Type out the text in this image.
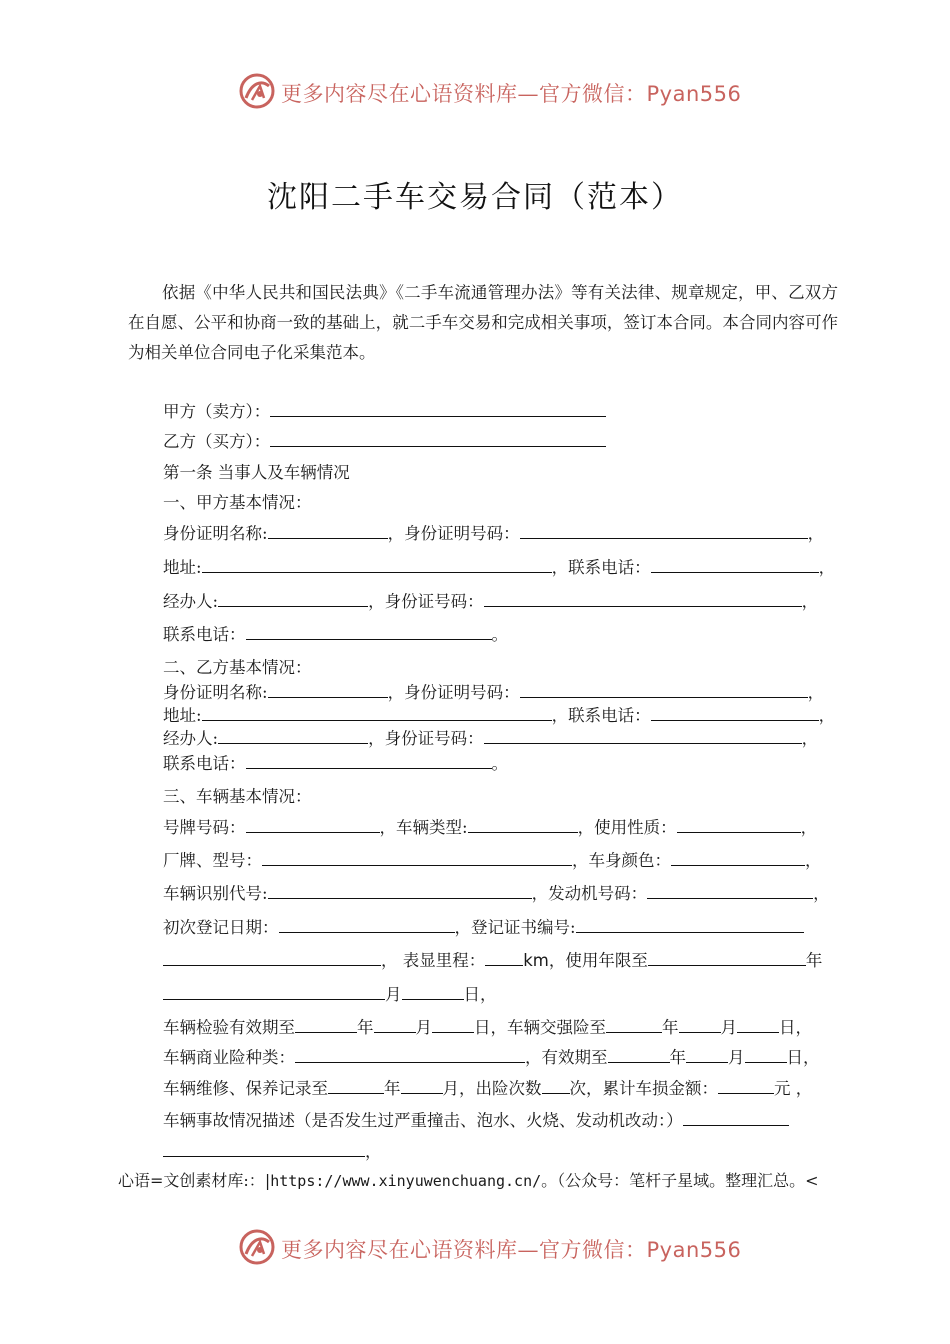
更多内容尽在心语资料库—官方微信：Pyan556
沈阳二手车交易合同（范本）

依据《中华人民共和国民法典》《二手车流通管理办法》等有关法律、规章规定，甲、乙双方在自愿、公平和协商一致的基础上，就二手车交易和完成相关事项，签订本合同。本合同内容可作为相关单位合同电子化采集范本。

甲方（卖方）：
乙方（买方）：
第一条 当事人及车辆情况
一、甲方基本情况：
身份证明名称:	，身份证明号码：	，
地址:	，联系电话：	，
经办人:	，身份证号码：	，
联系电话：	。
二、乙方基本情况：
身份证明名称:	，身份证明号码：	，
地址:	，联系电话：	，
经办人:	，身份证号码：	，
联系电话：	。
三、车辆基本情况：
号牌号码：	，车辆类型:	，使用性质：	，
厂牌、型号：	，车身颜色：	，
车辆识别代号:	，发动机号码：	，
初次登记日期：	，登记证书编号:
， 表显里程： km，使用年限至	年
月	日，
车辆检验有效期至	年	月	日，车辆交强险至	年	月	日，
车辆商业险种类：	，有效期至	年	月	日，
车辆维修、保养记录至	年	月，出险次数 次，累计车损金额：	元 ，
车辆事故情况描述（是否发生过严重撞击、泡水、火烧、发动机改动：）
，
心语=文创素材库:：|https://www.xinyuwenchuang.cn/。（公众号：笔杆子星域。整理汇总。<
更多内容尽在心语资料库—官方微信：Pyan556
